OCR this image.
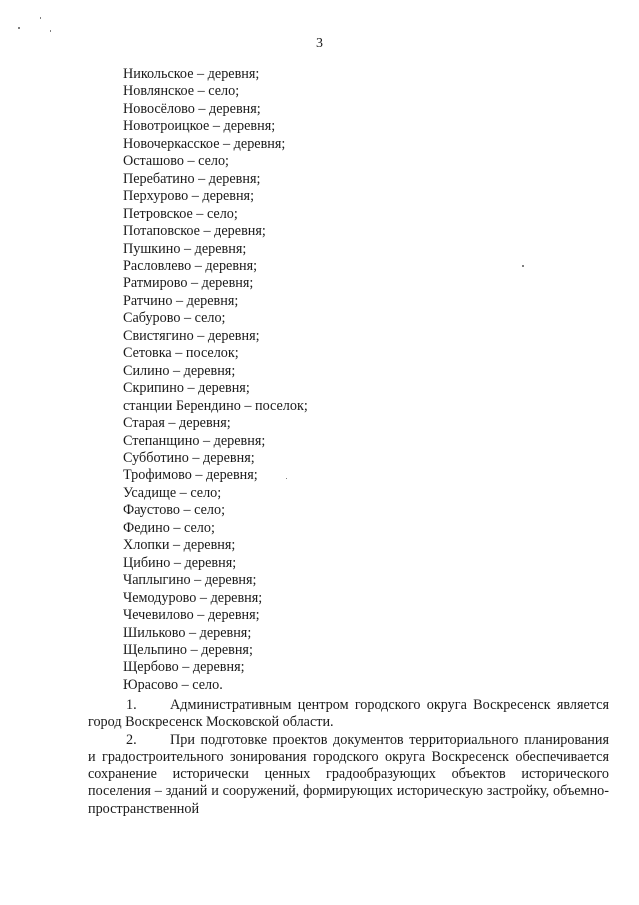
3
Никольское – деревня;
Новлянское – село;
Новосёлово – деревня;
Новотроицкое – деревня;
Новочеркасское – деревня;
Осташово – село;
Перебатино – деревня;
Перхурово – деревня;
Петровское – село;
Потаповское – деревня;
Пушкино – деревня;
Расловлево – деревня;
Ратмирово – деревня;
Ратчино – деревня;
Сабурово – село;
Свистягино – деревня;
Сетовка – поселок;
Силино – деревня;
Скрипино – деревня;
станции Берендино – поселок;
Старая – деревня;
Степанщино – деревня;
Субботино – деревня;
Трофимово – деревня;
Усадище – село;
Фаустово – село;
Федино – село;
Хлопки – деревня;
Цибино – деревня;
Чаплыгино – деревня;
Чемодурово – деревня;
Чечевилово – деревня;
Шильково – деревня;
Щельпино – деревня;
Щербово – деревня;
Юрасово – село.

1. Административным центром городского округа Воскресенск является город Воскресенск Московской области.

2. При подготовке проектов документов территориального планирования и градостроительного зонирования городского округа Воскресенск обеспечивается сохранение исторически ценных градообразующих объектов исторического поселения – зданий и сооружений, формирующих историческую застройку, объемно-пространственной
